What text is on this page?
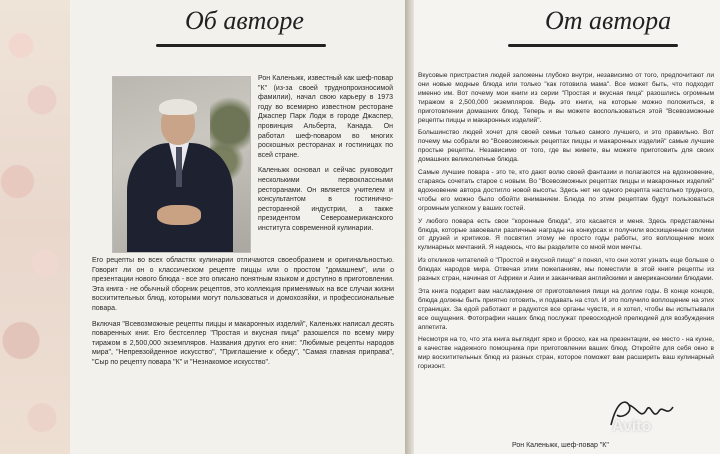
Об авторе

Рон Каленьжк, известный как шеф-повар "К" (из-за своей труднопроизносимой фамилии), начал свою карьеру в 1973 году во всемирно известном ресторане Джаспер Парк Лодж в городе Джаспер, провинция Альберта, Канада. Он работал шеф-поваром во многих роскошных ресторанах и гостиницах по всей стране.

Каленьжк основал и сейчас руководит несколькими первоклассными ресторанами. Он является учителем и консультантом в гостинично-ресторанной индустрии, а также президентом Североамериканского института современной кулинарии.

Его рецепты во всех областях кулинарии отличаются своеобразием и оригинальностью. Говорит ли он о классическом рецепте пиццы или о простом "домашнем", или о презентации нового блюда - все это описано понятным языком и доступно в приготовлении. Эта книга - не обычный сборник рецептов, это коллекция применимых на все случаи жизни восхитительных блюд, которыми могут пользоваться и домохозяйки, и профессиональные повара.

Включая "Всевозможные рецепты пиццы и макаронных изделий", Каленьжк написал десять поваренных книг. Его бестселлер "Простая и вкусная пица" разошелся по всему миру тиражом в 2,500,000 экземпляров. Названия других его книг: "Любимые рецепты народов мира", "Непревзойденное искусство", "Приглашение к обеду", "Самая главная приправа", "Сыр по рецепту повара "К" и "Незнакомое искусство".

От автора

Вкусовые пристрастия людей заложены глубоко внутри, независимо от того, предпочитают ли они новые модные блюда или только "как готовила мама". Все может быть, что подходит именно им. Вот почему мои книги из серии "Простая и вкусная пица" разошлись огромным тиражом в 2,500,000 экземпляров. Ведь это книги, на которые можно положиться, в приготовлении домашних блюд. Теперь и вы можете воспользоваться этой "Всевозможные рецепты пиццы и макаронных изделий".

Большинство людей хочет для своей семьи только самого лучшего, и это правильно. Вот почему мы собрали во "Всевозможных рецептах пиццы и макаронных изделий" самые лучшие простые рецепты. Независимо от того, где вы живете, вы можете приготовить для своих домашних великолепные блюда.

Самые лучшие повара - это те, кто дают волю своей фантазии и полагаются на вдохновение, стараясь сочетать старое с новым. Во "Всевозможных рецептах пиццы и макаронных изделий" вдохновение автора достигло новой высоты. Здесь нет ни одного рецепта настолько трудного, чтобы его можно было обойти вниманием. Блюда по этим рецептам будут пользоваться огромным успехом у ваших гостей.

У любого повара есть свои "коронные блюда", это касается и меня. Здесь представлены блюда, которые завоевали различные награды на конкурсах и получили восхищенные отклики от друзей и критиков. Я посвятил этому не просто годы работы, это воплощение моих кулинарных мечтаний. Я надеюсь, что вы разделите со мной мои мечты.

Из откликов читателей о "Простой и вкусной пище" я понял, что они хотят узнать еще больше о блюдах народов мира. Отвечая этим пожеланиям, мы поместили в этой книге рецепты из разных стран, начиная от Африки и Азии и заканчивая английскими и американскими блюдами.

Эта книга подарит вам наслаждение от приготовления пищи на долгие годы. В конце концов, блюда должны быть приятно готовить, и подавать на стол. И это получило воплощение на этих страницах. За едой работают и радуются все органы чувств, и я хотел, чтобы вы испытывали все ощущения. Фотографии наших блюд послужат превосходной прелюдией для возбуждения аппетита.

Несмотря на то, что эта книга выглядит ярко и броско, как на презентации, ее место - на кухне, в качестве надежного помощника при приготовлении ваших блюд. Откройте для себя окно в мир восхитительных блюд из разных стран, которое поможет вам расширить ваш кулинарный горизонт.

Avito
Рон Каленьжк, шеф-повар "К"
